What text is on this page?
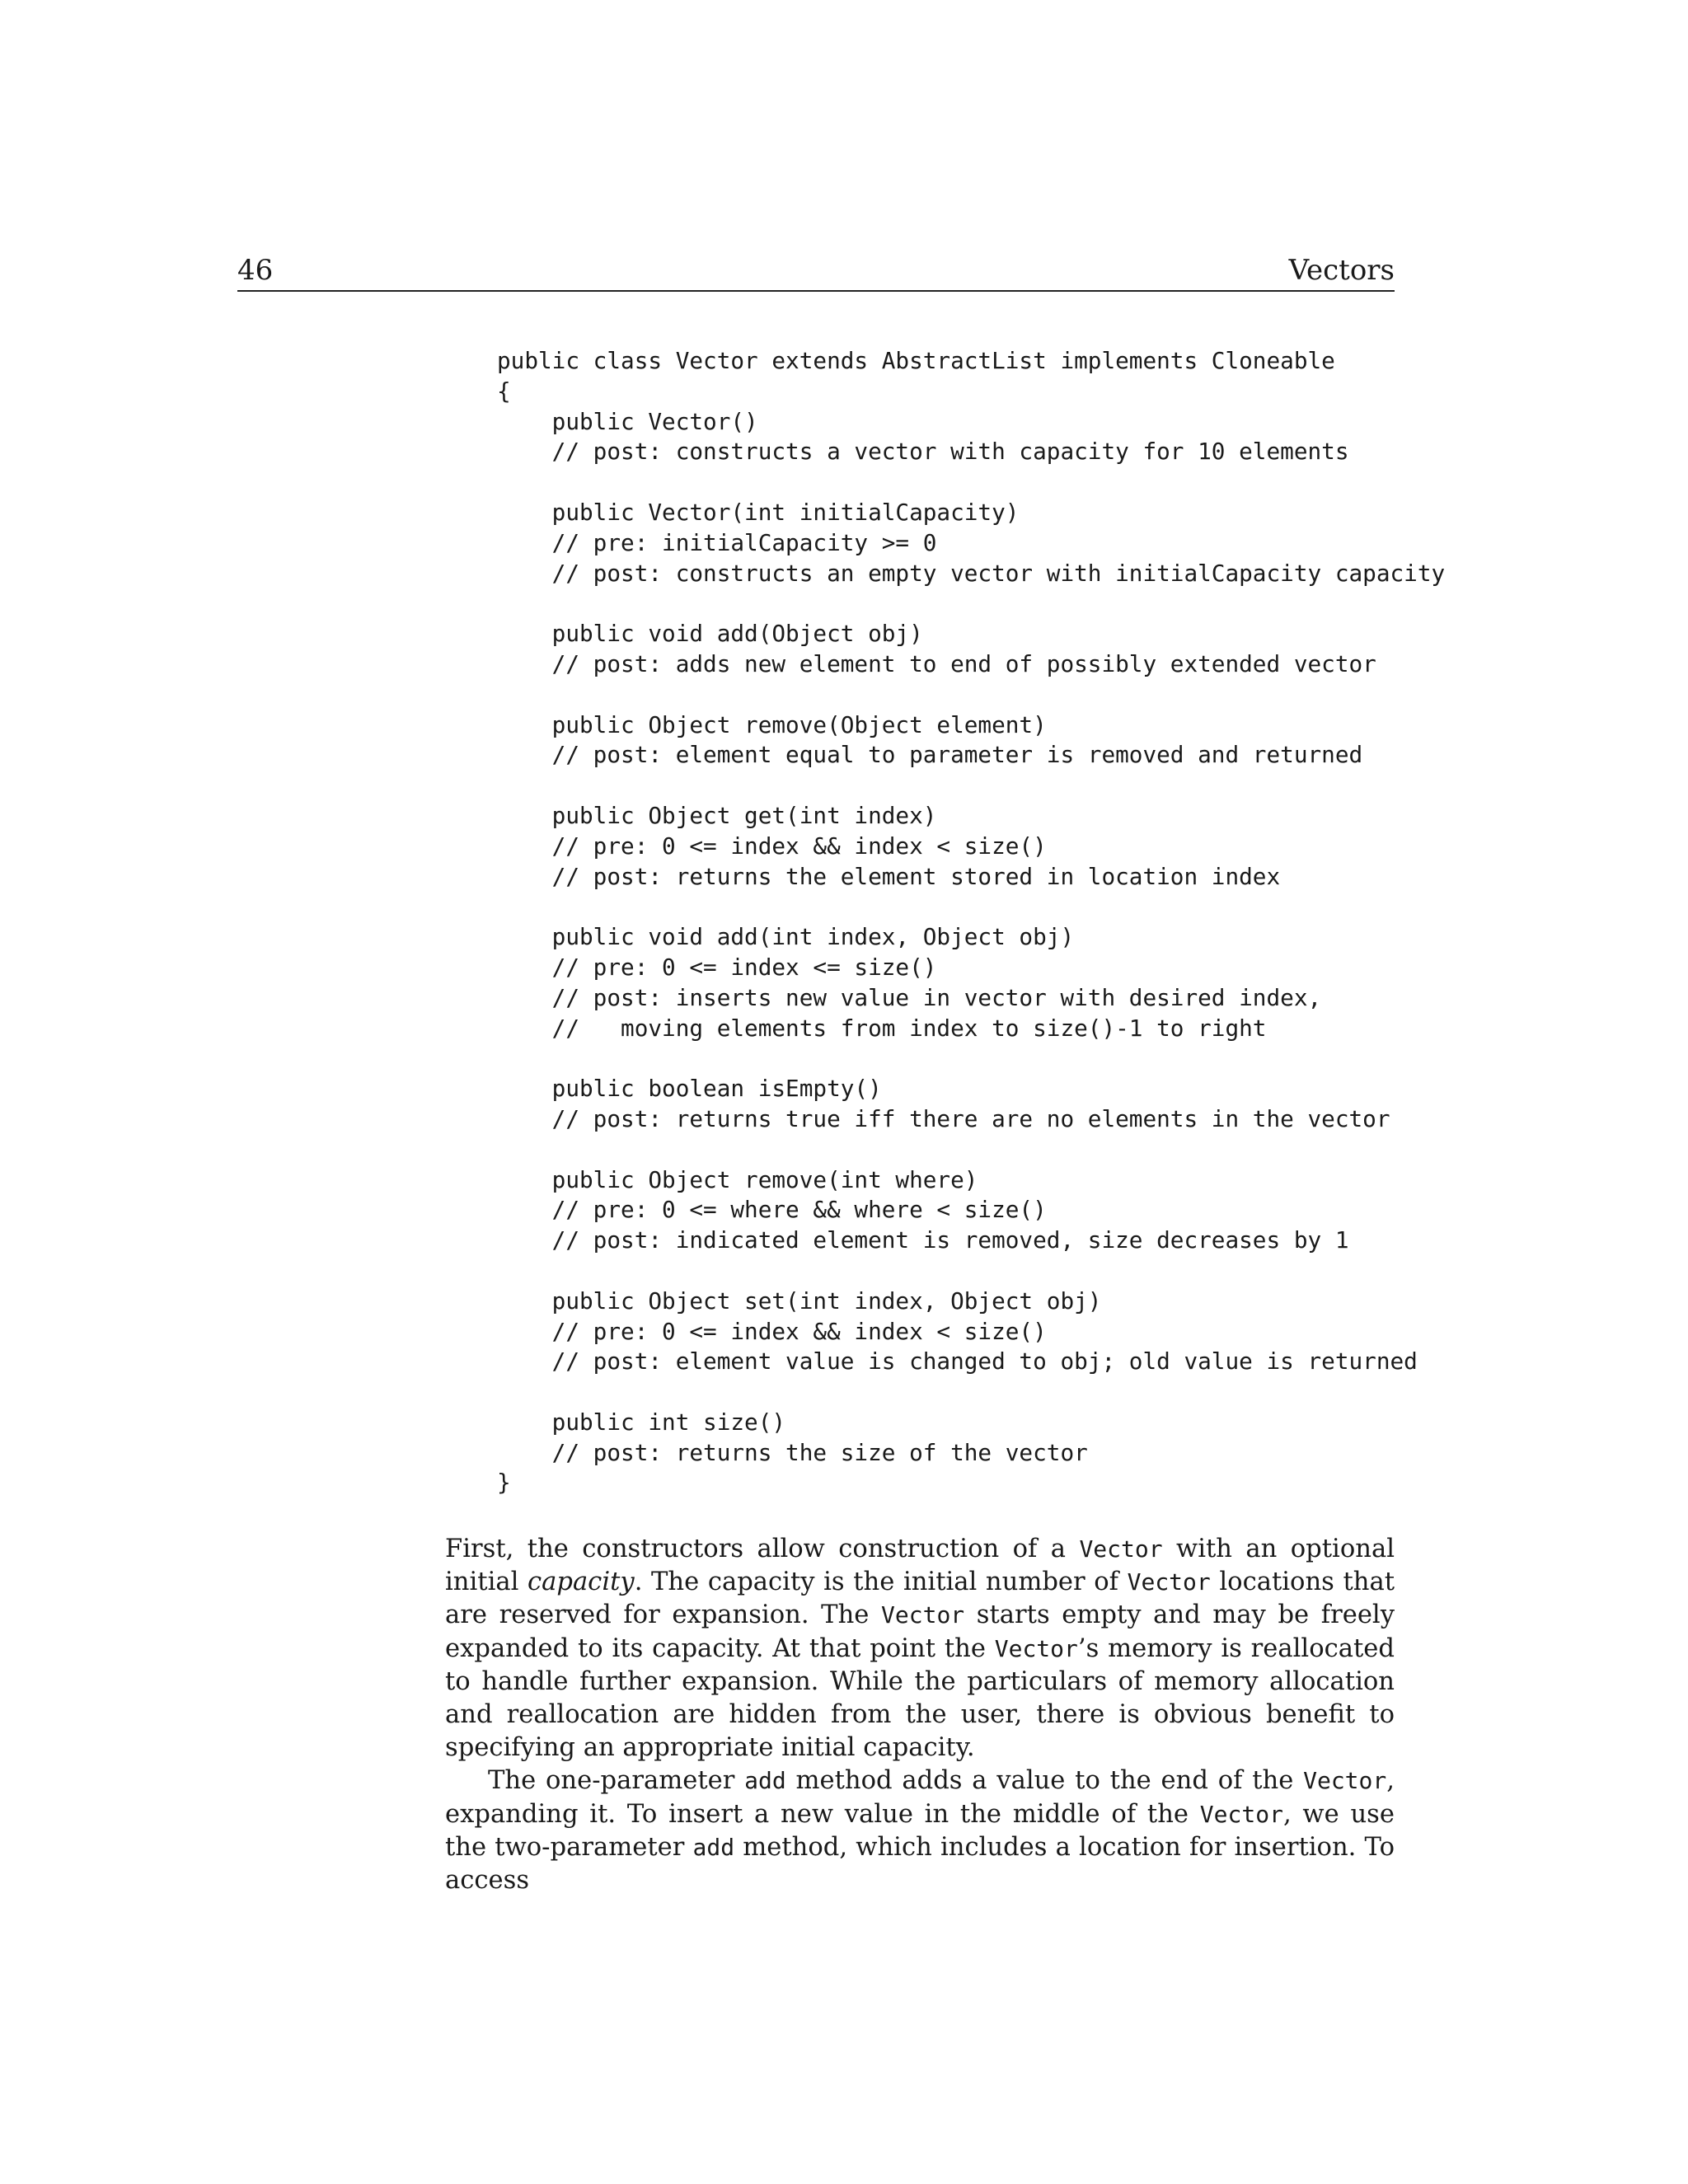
46	Vectors
public class Vector extends AbstractList implements Cloneable
{
public Vector()
// post: constructs a vector with capacity for 10 elements
public Vector(int initialCapacity)
// pre: initialCapacity >= 0
// post: constructs an empty vector with initialCapacity capacity
public void add(Object obj)
// post: adds new element to end of possibly extended vector
public Object remove(Object element)
// post: element equal to parameter is removed and returned
public Object get(int index)
// pre: 0 <= index && index < size()
// post: returns the element stored in location index
public void add(int index, Object obj)
// pre: 0 <= index <= size()
// post: inserts new value in vector with desired index,
//   moving elements from index to size()-1 to right
public boolean isEmpty()
// post: returns true iff there are no elements in the vector
public Object remove(int where)
// pre: 0 <= where && where < size()
// post: indicated element is removed, size decreases by 1
public Object set(int index, Object obj)
// pre: 0 <= index && index < size()
// post: element value is changed to obj; old value is returned
public int size()
// post: returns the size of the vector
}

First, the constructors allow construction of a Vector with an optional initial capacity. The capacity is the initial number of Vector locations that are reserved for expansion. The Vector starts empty and may be freely expanded to its capacity. At that point the Vector’s memory is reallocated to handle further expansion. While the particulars of memory allocation and reallocation are hidden from the user, there is obvious benefit to specifying an appropriate initial capacity.

The one-parameter add method adds a value to the end of the Vector, expanding it. To insert a new value in the middle of the Vector, we use the two-parameter add method, which includes a location for insertion. To access
